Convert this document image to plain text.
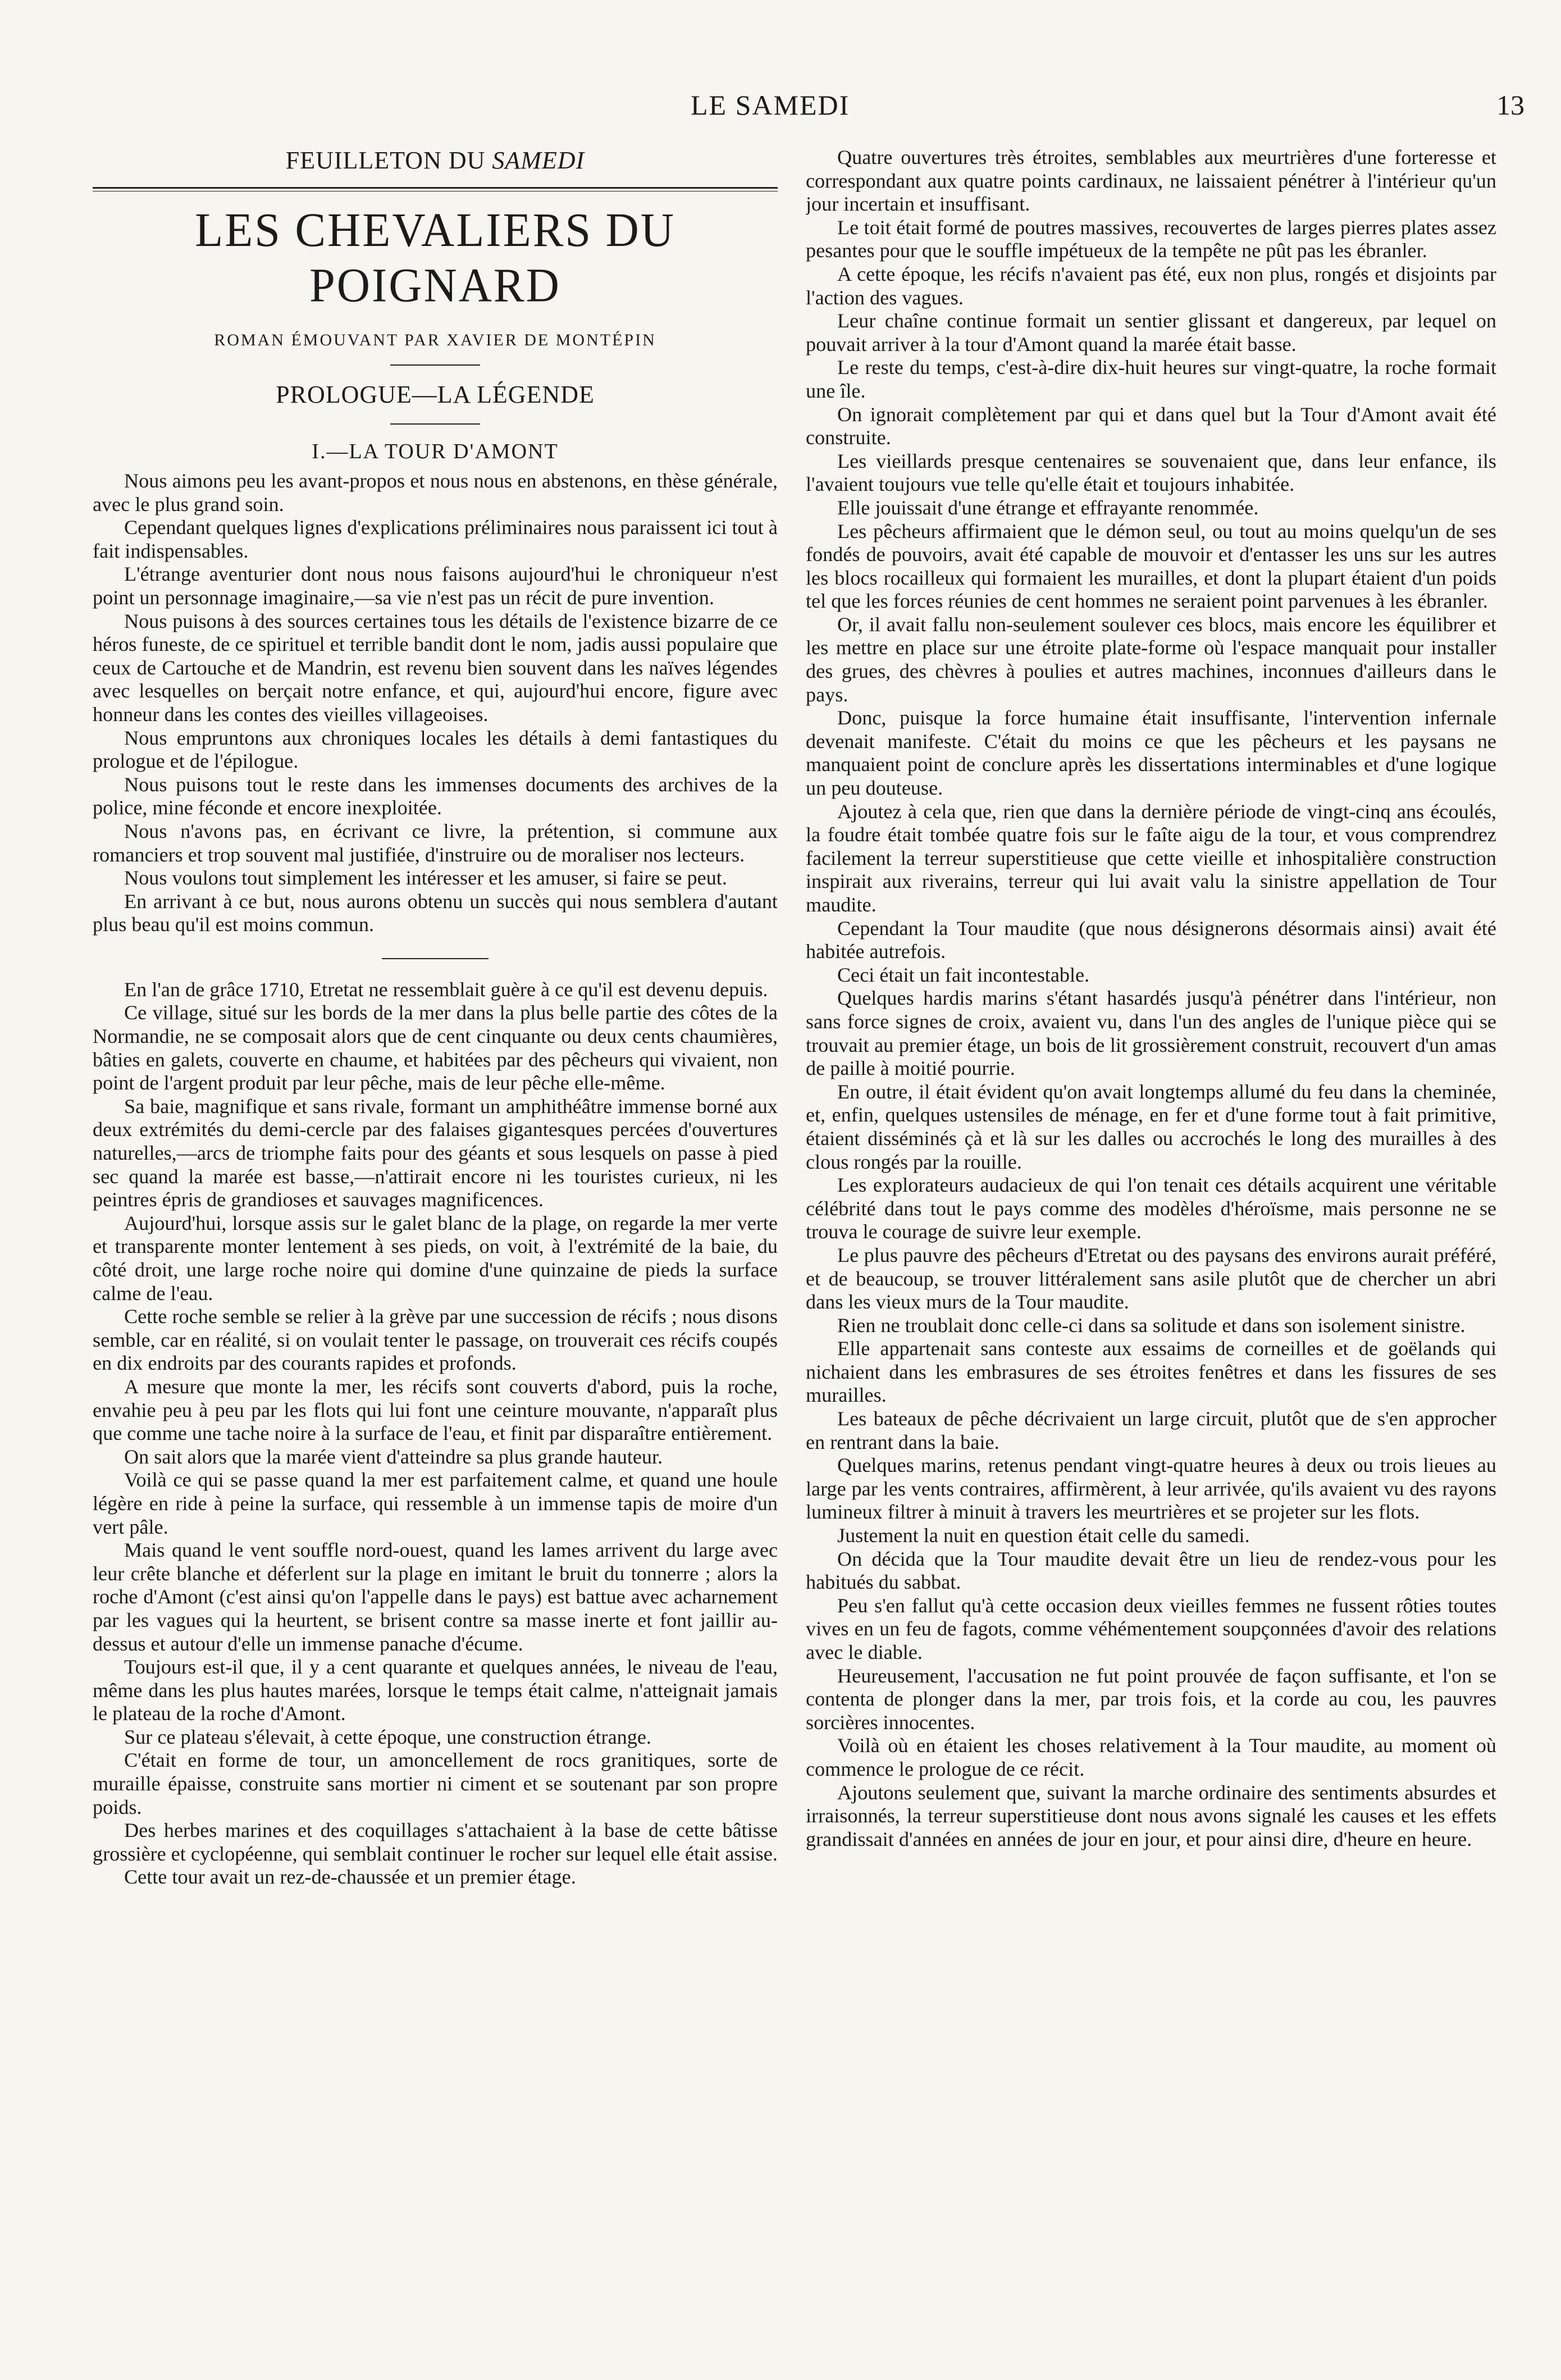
LE SAMEDI	13
FEUILLETON DU SAMEDI
LES CHEVALIERS DU POIGNARD
ROMAN ÉMOUVANT PAR XAVIER DE MONTÉPIN
PROLOGUE—LA LÉGENDE
I.—LA TOUR D'AMONT

Nous aimons peu les avant-propos et nous nous en abstenons, en thèse générale, avec le plus grand soin.

Cependant quelques lignes d'explications préliminaires nous paraissent ici tout à fait indispensables.

L'étrange aventurier dont nous nous faisons aujourd'hui le chroniqueur n'est point un personnage imaginaire,—sa vie n'est pas un récit de pure invention.

Nous puisons à des sources certaines tous les détails de l'existence bizarre de ce héros funeste, de ce spirituel et terrible bandit dont le nom, jadis aussi populaire que ceux de Cartouche et de Mandrin, est revenu bien souvent dans les naïves légendes avec lesquelles on berçait notre enfance, et qui, aujourd'hui encore, figure avec honneur dans les contes des vieilles villageoises.

Nous empruntons aux chroniques locales les détails à demi fantastiques du prologue et de l'épilogue.

Nous puisons tout le reste dans les immenses documents des archives de la police, mine féconde et encore inexploitée.

Nous n'avons pas, en écrivant ce livre, la prétention, si commune aux romanciers et trop souvent mal justifiée, d'instruire ou de moraliser nos lecteurs.

Nous voulons tout simplement les intéresser et les amuser, si faire se peut.

En arrivant à ce but, nous aurons obtenu un succès qui nous semblera d'autant plus beau qu'il est moins commun.

En l'an de grâce 1710, Etretat ne ressemblait guère à ce qu'il est devenu depuis.

Ce village, situé sur les bords de la mer dans la plus belle partie des côtes de la Normandie, ne se composait alors que de cent cinquante ou deux cents chaumières, bâties en galets, couverte en chaume, et habitées par des pêcheurs qui vivaient, non point de l'argent produit par leur pêche, mais de leur pêche elle-même.

Sa baie, magnifique et sans rivale, formant un amphithéâtre immense borné aux deux extrémités du demi-cercle par des falaises gigantesques percées d'ouvertures naturelles,—arcs de triomphe faits pour des géants et sous lesquels on passe à pied sec quand la marée est basse,—n'attirait encore ni les touristes curieux, ni les peintres épris de grandioses et sauvages magnificences.

Aujourd'hui, lorsque assis sur le galet blanc de la plage, on regarde la mer verte et transparente monter lentement à ses pieds, on voit, à l'extrémité de la baie, du côté droit, une large roche noire qui domine d'une quinzaine de pieds la surface calme de l'eau.

Cette roche semble se relier à la grève par une succession de récifs ; nous disons semble, car en réalité, si on voulait tenter le passage, on trouverait ces récifs coupés en dix endroits par des courants rapides et profonds.

A mesure que monte la mer, les récifs sont couverts d'abord, puis la roche, envahie peu à peu par les flots qui lui font une ceinture mouvante, n'apparaît plus que comme une tache noire à la surface de l'eau, et finit par disparaître entièrement.

On sait alors que la marée vient d'atteindre sa plus grande hauteur.

Voilà ce qui se passe quand la mer est parfaitement calme, et quand une houle légère en ride à peine la surface, qui ressemble à un immense tapis de moire d'un vert pâle.

Mais quand le vent souffle nord-ouest, quand les lames arrivent du large avec leur crête blanche et déferlent sur la plage en imitant le bruit du tonnerre ; alors la roche d'Amont (c'est ainsi qu'on l'appelle dans le pays) est battue avec acharnement par les vagues qui la heurtent, se brisent contre sa masse inerte et font jaillir au-dessus et autour d'elle un immense panache d'écume.

Toujours est-il que, il y a cent quarante et quelques années, le niveau de l'eau, même dans les plus hautes marées, lorsque le temps était calme, n'atteignait jamais le plateau de la roche d'Amont.

Sur ce plateau s'élevait, à cette époque, une construction étrange.

C'était en forme de tour, un amoncellement de rocs granitiques, sorte de muraille épaisse, construite sans mortier ni ciment et se soutenant par son propre poids.

Des herbes marines et des coquillages s'attachaient à la base de cette bâtisse grossière et cyclopéenne, qui semblait continuer le rocher sur lequel elle était assise.

Cette tour avait un rez-de-chaussée et un premier étage.

Quatre ouvertures très étroites, semblables aux meurtrières d'une forteresse et correspondant aux quatre points cardinaux, ne laissaient pénétrer à l'intérieur qu'un jour incertain et insuffisant.

Le toit était formé de poutres massives, recouvertes de larges pierres plates assez pesantes pour que le souffle impétueux de la tempête ne pût pas les ébranler.

A cette époque, les récifs n'avaient pas été, eux non plus, rongés et disjoints par l'action des vagues.

Leur chaîne continue formait un sentier glissant et dangereux, par lequel on pouvait arriver à la tour d'Amont quand la marée était basse.

Le reste du temps, c'est-à-dire dix-huit heures sur vingt-quatre, la roche formait une île.

On ignorait complètement par qui et dans quel but la Tour d'Amont avait été construite.

Les vieillards presque centenaires se souvenaient que, dans leur enfance, ils l'avaient toujours vue telle qu'elle était et toujours inhabitée.

Elle jouissait d'une étrange et effrayante renommée.

Les pêcheurs affirmaient que le démon seul, ou tout au moins quelqu'un de ses fondés de pouvoirs, avait été capable de mouvoir et d'entasser les uns sur les autres les blocs rocailleux qui formaient les murailles, et dont la plupart étaient d'un poids tel que les forces réunies de cent hommes ne seraient point parvenues à les ébranler.

Or, il avait fallu non-seulement soulever ces blocs, mais encore les équilibrer et les mettre en place sur une étroite plate-forme où l'espace manquait pour installer des grues, des chèvres à poulies et autres machines, inconnues d'ailleurs dans le pays.

Donc, puisque la force humaine était insuffisante, l'intervention infernale devenait manifeste. C'était du moins ce que les pêcheurs et les paysans ne manquaient point de conclure après les dissertations interminables et d'une logique un peu douteuse.

Ajoutez à cela que, rien que dans la dernière période de vingt-cinq ans écoulés, la foudre était tombée quatre fois sur le faîte aigu de la tour, et vous comprendrez facilement la terreur superstitieuse que cette vieille et inhospitalière construction inspirait aux riverains, terreur qui lui avait valu la sinistre appellation de Tour maudite.

Cependant la Tour maudite (que nous désignerons désormais ainsi) avait été habitée autrefois.

Ceci était un fait incontestable.

Quelques hardis marins s'étant hasardés jusqu'à pénétrer dans l'intérieur, non sans force signes de croix, avaient vu, dans l'un des angles de l'unique pièce qui se trouvait au premier étage, un bois de lit grossièrement construit, recouvert d'un amas de paille à moitié pourrie.

En outre, il était évident qu'on avait longtemps allumé du feu dans la cheminée, et, enfin, quelques ustensiles de ménage, en fer et d'une forme tout à fait primitive, étaient disséminés çà et là sur les dalles ou accrochés le long des murailles à des clous rongés par la rouille.

Les explorateurs audacieux de qui l'on tenait ces détails acquirent une véritable célébrité dans tout le pays comme des modèles d'héroïsme, mais personne ne se trouva le courage de suivre leur exemple.

Le plus pauvre des pêcheurs d'Etretat ou des paysans des environs aurait préféré, et de beaucoup, se trouver littéralement sans asile plutôt que de chercher un abri dans les vieux murs de la Tour maudite.

Rien ne troublait donc celle-ci dans sa solitude et dans son isolement sinistre.

Elle appartenait sans conteste aux essaims de corneilles et de goëlands qui nichaient dans les embrasures de ses étroites fenêtres et dans les fissures de ses murailles.

Les bateaux de pêche décrivaient un large circuit, plutôt que de s'en approcher en rentrant dans la baie.

Quelques marins, retenus pendant vingt-quatre heures à deux ou trois lieues au large par les vents contraires, affirmèrent, à leur arrivée, qu'ils avaient vu des rayons lumineux filtrer à minuit à travers les meurtrières et se projeter sur les flots.

Justement la nuit en question était celle du samedi.

On décida que la Tour maudite devait être un lieu de rendez-vous pour les habitués du sabbat.

Peu s'en fallut qu'à cette occasion deux vieilles femmes ne fussent rôties toutes vives en un feu de fagots, comme véhémentement soupçonnées d'avoir des relations avec le diable.

Heureusement, l'accusation ne fut point prouvée de façon suffisante, et l'on se contenta de plonger dans la mer, par trois fois, et la corde au cou, les pauvres sorcières innocentes.

Voilà où en étaient les choses relativement à la Tour maudite, au moment où commence le prologue de ce récit.

Ajoutons seulement que, suivant la marche ordinaire des sentiments absurdes et irraisonnés, la terreur superstitieuse dont nous avons signalé les causes et les effets grandissait d'années en années de jour en jour, et pour ainsi dire, d'heure en heure.
